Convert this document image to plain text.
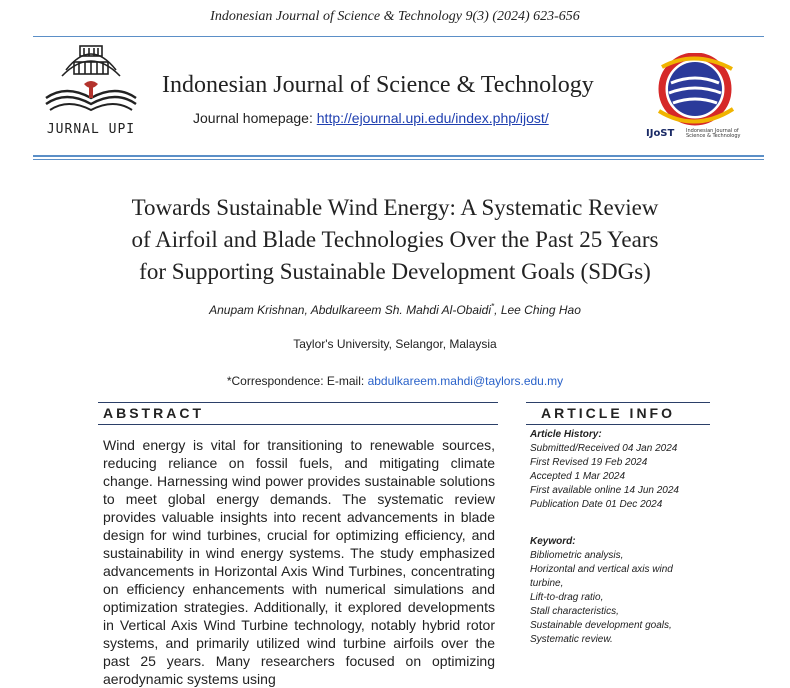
Indonesian Journal of Science & Technology 9(3) (2024) 623-656
JURNAL UPI
Indonesian Journal of Science & Technology
Journal homepage: http://ejournal.upi.edu/index.php/ijost/
IJoST Indonesian Journal of Science & Technology
Towards Sustainable Wind Energy: A Systematic Review
of Airfoil and Blade Technologies Over the Past 25 Years
for Supporting Sustainable Development Goals (SDGs)
Anupam Krishnan, Abdulkareem Sh. Mahdi Al-Obaidi*, Lee Ching Hao
Taylor's University, Selangor, Malaysia
*Correspondence: E-mail: abdulkareem.mahdi@taylors.edu.my
ABSTRACT
Wind energy is vital for transitioning to renewable sources, reducing reliance on fossil fuels, and mitigating climate change. Harnessing wind power provides sustainable solutions to meet global energy demands. The systematic review provides valuable insights into recent advancements in blade design for wind turbines, crucial for optimizing efficiency, and sustainability in wind energy systems. The study emphasized advancements in Horizontal Axis Wind Turbines, concentrating on efficiency enhancements with numerical simulations and optimization strategies. Additionally, it explored developments in Vertical Axis Wind Turbine technology, notably hybrid rotor systems, and primarily utilized wind turbine airfoils over the past 25 years. Many researchers focused on optimizing aerodynamic systems using
ARTICLE INFO
Article History:
Submitted/Received 04 Jan 2024
First Revised 19 Feb 2024
Accepted 1 Mar 2024
First available online 14 Jun 2024
Publication Date 01 Dec 2024
Keyword:
Bibliometric analysis,
Horizontal and vertical axis wind
turbine,
Lift-to-drag ratio,
Stall characteristics,
Sustainable development goals,
Systematic review.
